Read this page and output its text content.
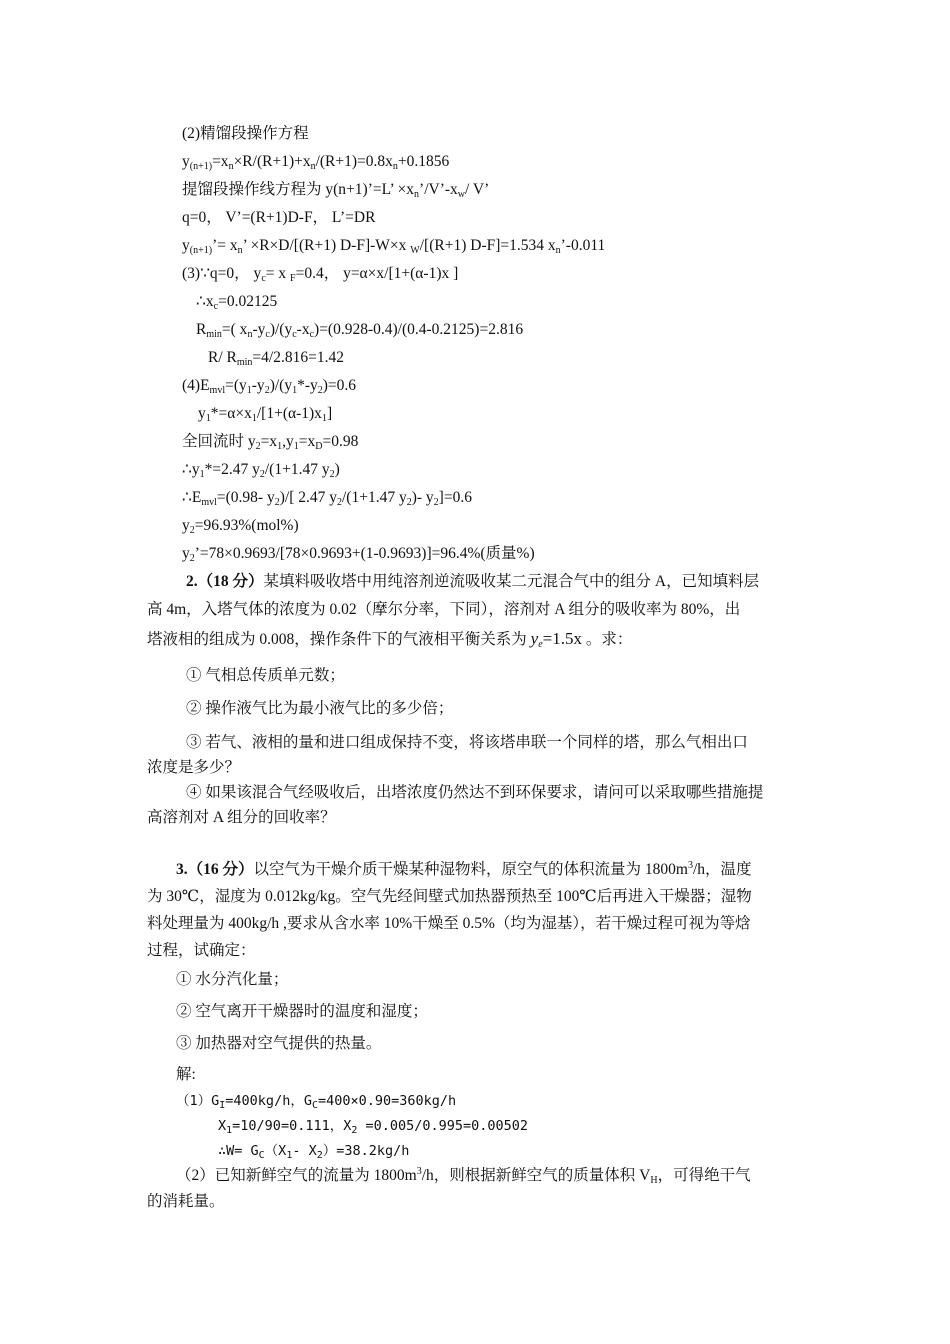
(2)精馏段操作方程
$y_{(n+1)}=x_n\times R/(R+1)+x_n/(R+1)=0.8x_n+0.1856$
提馏段操作线方程为 y(n+1)’=L’ $\times x_n’/V’-x_w/$ V’
q=0， V’=(R+1)D-F， L’=DR
$y_{(n+1)}’= x_n$’ ×R×D/[(R+1) D-F]-W×x $_W$/[(R+1) D-F]=1.534 $x_n’-0.011$
(3)∵q=0， $y_c= x$ $_F$=0.4， y=α×x/[1+(α-1)x ]
$\therefore x_c=0.02125$
$R_{min}=$( $x_n-y_c)/(y_c-x_c)=(0.928-0.4)/(0.4-0.2125)=2.816$
R/ $R_{min}=4/2.816=1.42$
$(4)E_{mvl}=(y_1-y_2)/(y_1*-y_2)=0.6$
$y_1*=\alpha\times x_1/[1+(\alpha-1)x_1]$
全回流时 $y_2=x_1,y_1=x_D=0.98$
$\therefore y_1*=2.47$ $y_2/(1+1.47$ $y_2$)
$\therefore E_{mvl}=(0.98-$ $y_2)/$[ 2.47 $y_2/(1+1.47$ $y_2)-$ $y_2]=0.6$
$y_2=96.93\%(mol\%)$
$y_2’=78\times 0.9693/[78\times 0.9693+(1-0.9693)]=96.4\%$(质量%)
2.（18 分）某填料吸收塔中用纯溶剂逆流吸收某二元混合气中的组分 A，已知填料层
高 4m，入塔气体的浓度为 0.02（摩尔分率，下同），溶剂对 A 组分的吸收率为 80%，出
塔液相的组成为 0.008，操作条件下的气液相平衡关系为 $y_e=1.5x$ 。求：
① 气相总传质单元数；
② 操作液气比为最小液气比的多少倍；
③ 若气、液相的量和进口组成保持不变，将该塔串联一个同样的塔，那么气相出口
浓度是多少？
④ 如果该混合气经吸收后，出塔浓度仍然达不到环保要求，请问可以采取哪些措施提
高溶剂对 A 组分的回收率？
3.（16 分）以空气为干燥介质干燥某种湿物料，原空气的体积流量为 $1800m^3/h$，温度
为 30℃，湿度为 0.012kg/kg。空气先经间壁式加热器预热至 100℃后再进入干燥器；湿物
料处理量为 400kg/h ,要求从含水率 10%干燥至 0.5%（均为湿基），若干燥过程可视为等焓
过程，试确定：
① 水分汽化量；
② 空气离开干燥器时的温度和湿度；
③ 加热器对空气提供的热量。
解:
$(1)G_I=400kg/h$，$G_C=400\times 0.90=360kg/h$
$X_1=10/90=0.111$，$X_2 =0.005/0.995=0.00502$
∴W= $G_C(X_1-$ $X_2)=38.2kg/h$
（2）已知新鲜空气的流量为 $1800m^3/h$，则根据新鲜空气的质量体积 $V_H$，可得绝干气
的消耗量。
